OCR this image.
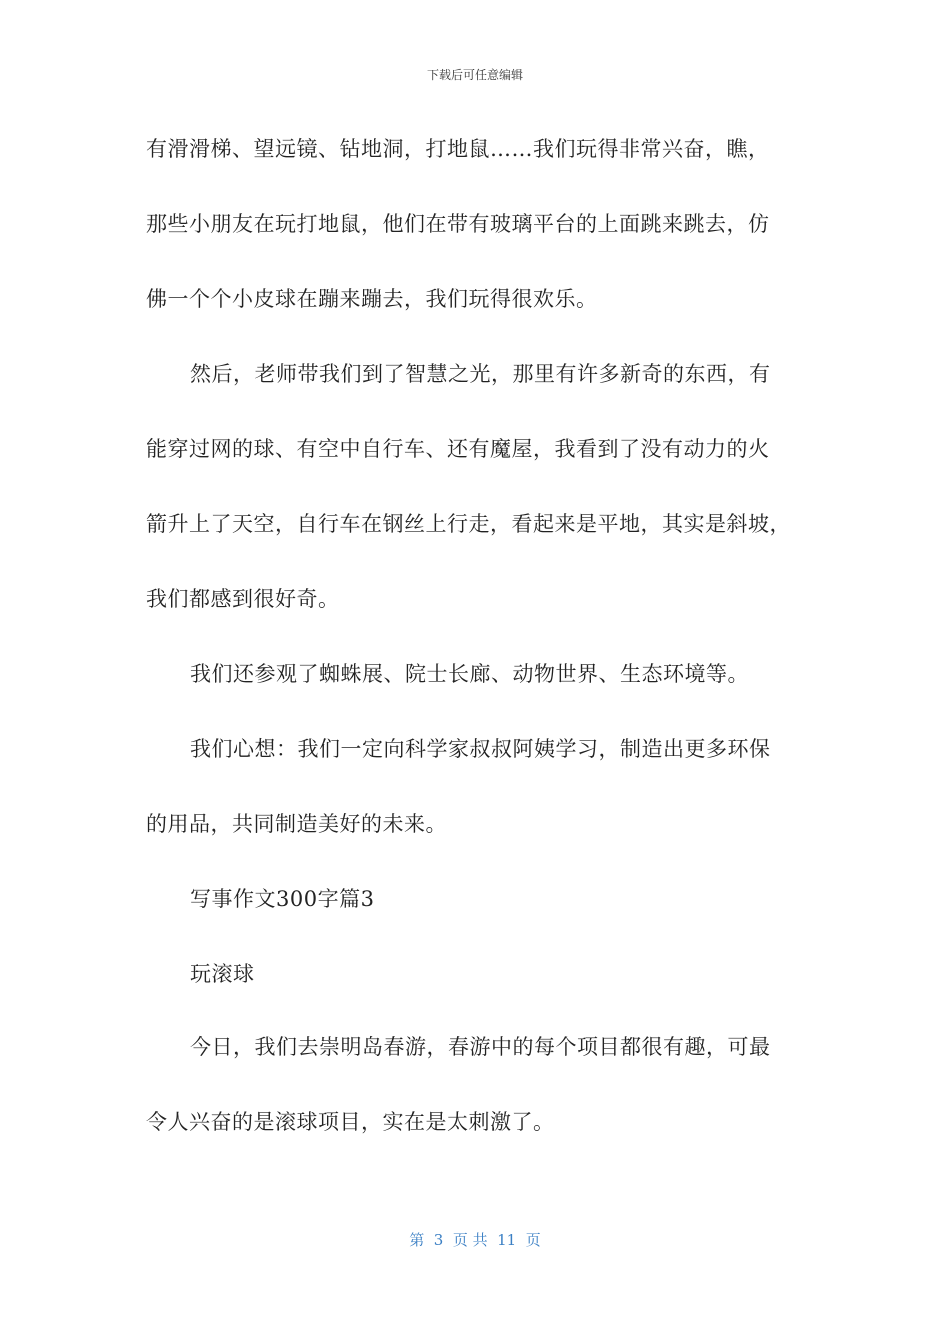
下载后可任意编辑
有滑滑梯、望远镜、钻地洞，打地鼠……我们玩得非常兴奋，瞧，
那些小朋友在玩打地鼠，他们在带有玻璃平台的上面跳来跳去，仿
佛一个个小皮球在蹦来蹦去，我们玩得很欢乐。
然后，老师带我们到了智慧之光，那里有许多新奇的东西，有
能穿过网的球、有空中自行车、还有魔屋，我看到了没有动力的火
箭升上了天空，自行车在钢丝上行走，看起来是平地，其实是斜坡，
我们都感到很好奇。
我们还参观了蜘蛛展、院士长廊、动物世界、生态环境等。
我们心想：我们一定向科学家叔叔阿姨学习，制造出更多环保
的用品，共同制造美好的未来。
写事作文300字篇3
玩滚球
今日，我们去崇明岛春游，春游中的每个项目都很有趣，可最
令人兴奋的是滚球项目，实在是太刺激了。
第  3  页 共  11  页
